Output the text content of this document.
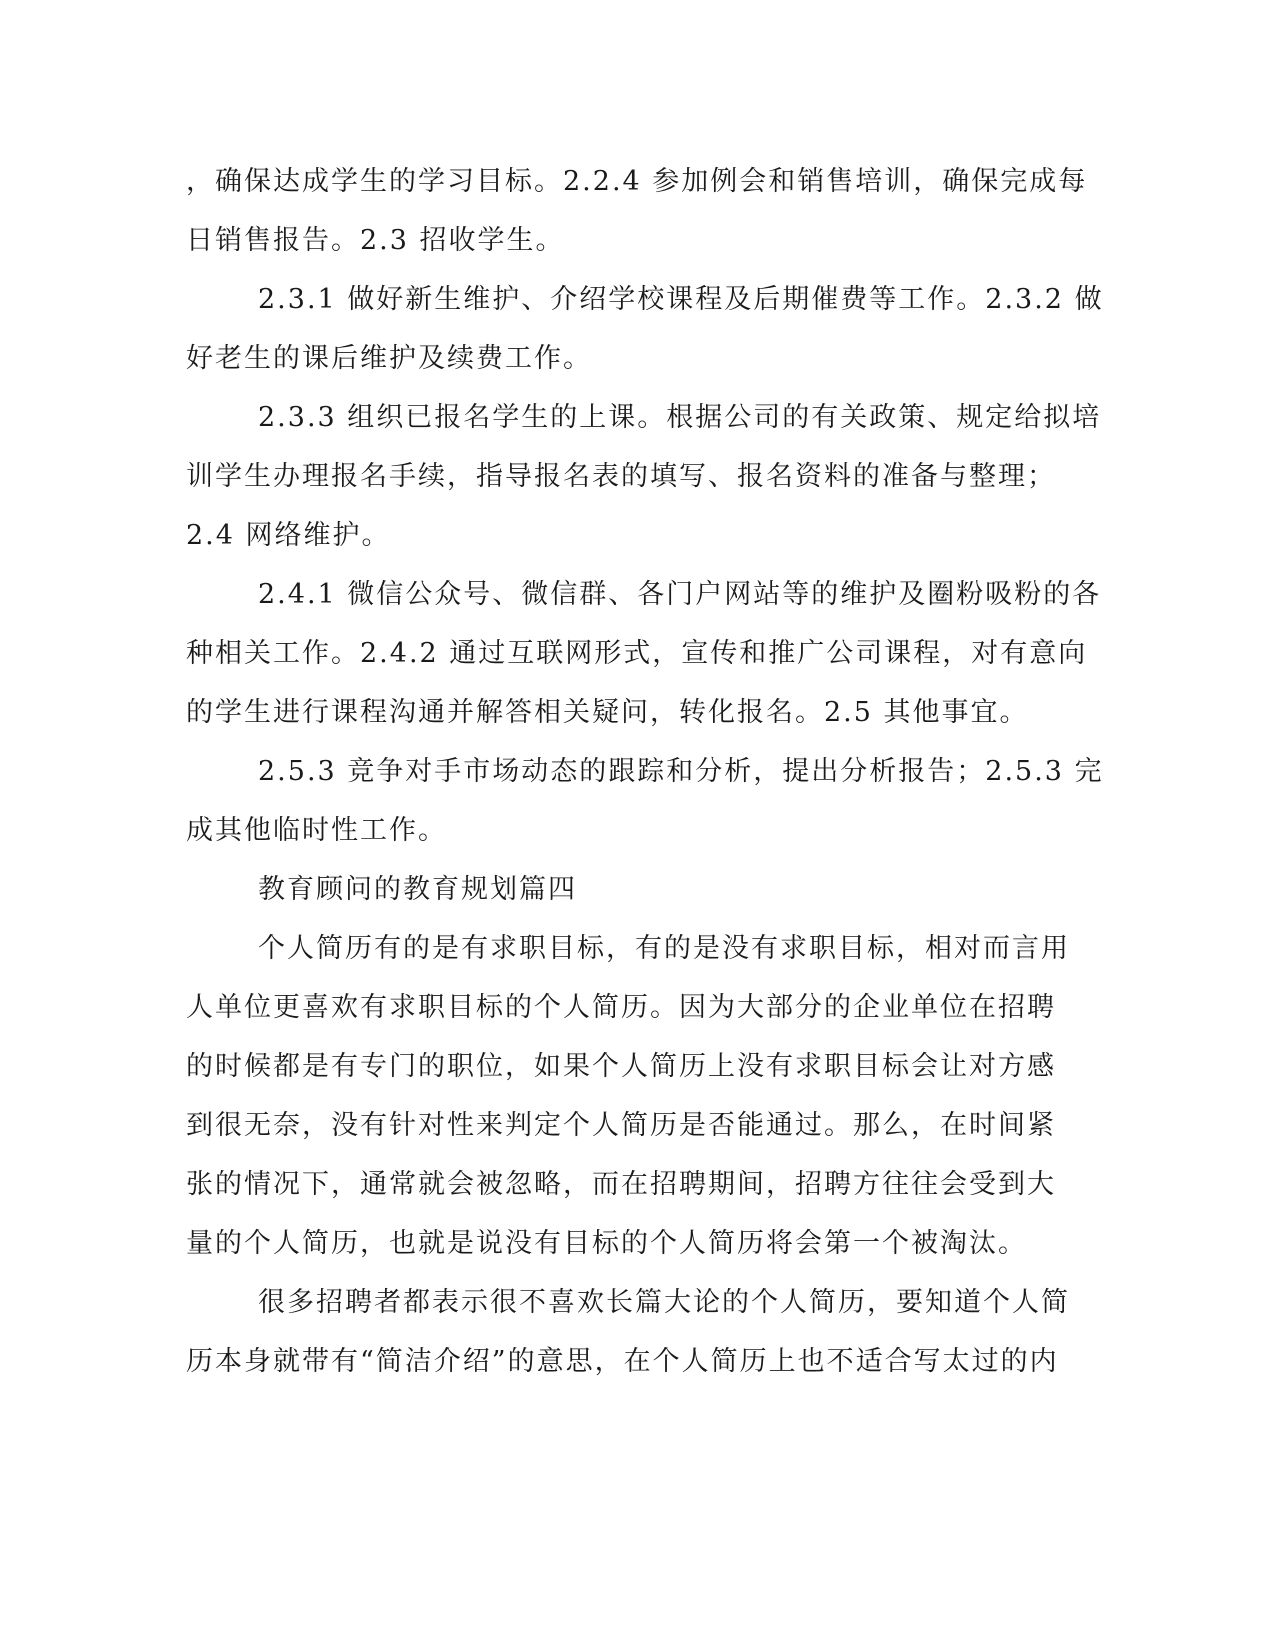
，确保达成学生的学习目标。2.2.4 参加例会和销售培训，确保完成每
日销售报告。2.3 招收学生。
2.3.1 做好新生维护、介绍学校课程及后期催费等工作。2.3.2 做
好老生的课后维护及续费工作。
2.3.3 组织已报名学生的上课。根据公司的有关政策、规定给拟培
训学生办理报名手续，指导报名表的填写、报名资料的准备与整理；
2.4 网络维护。
2.4.1 微信公众号、微信群、各门户网站等的维护及圈粉吸粉的各
种相关工作。2.4.2 通过互联网形式，宣传和推广公司课程，对有意向
的学生进行课程沟通并解答相关疑问，转化报名。2.5 其他事宜。
2.5.3 竞争对手市场动态的跟踪和分析，提出分析报告；2.5.3 完
成其他临时性工作。
教育顾问的教育规划篇四
个人简历有的是有求职目标，有的是没有求职目标，相对而言用
人单位更喜欢有求职目标的个人简历。因为大部分的企业单位在招聘
的时候都是有专门的职位，如果个人简历上没有求职目标会让对方感
到很无奈，没有针对性来判定个人简历是否能通过。那么，在时间紧
张的情况下，通常就会被忽略，而在招聘期间，招聘方往往会受到大
量的个人简历，也就是说没有目标的个人简历将会第一个被淘汰。
很多招聘者都表示很不喜欢长篇大论的个人简历，要知道个人简
历本身就带有“简洁介绍”的意思，在个人简历上也不适合写太过的内
